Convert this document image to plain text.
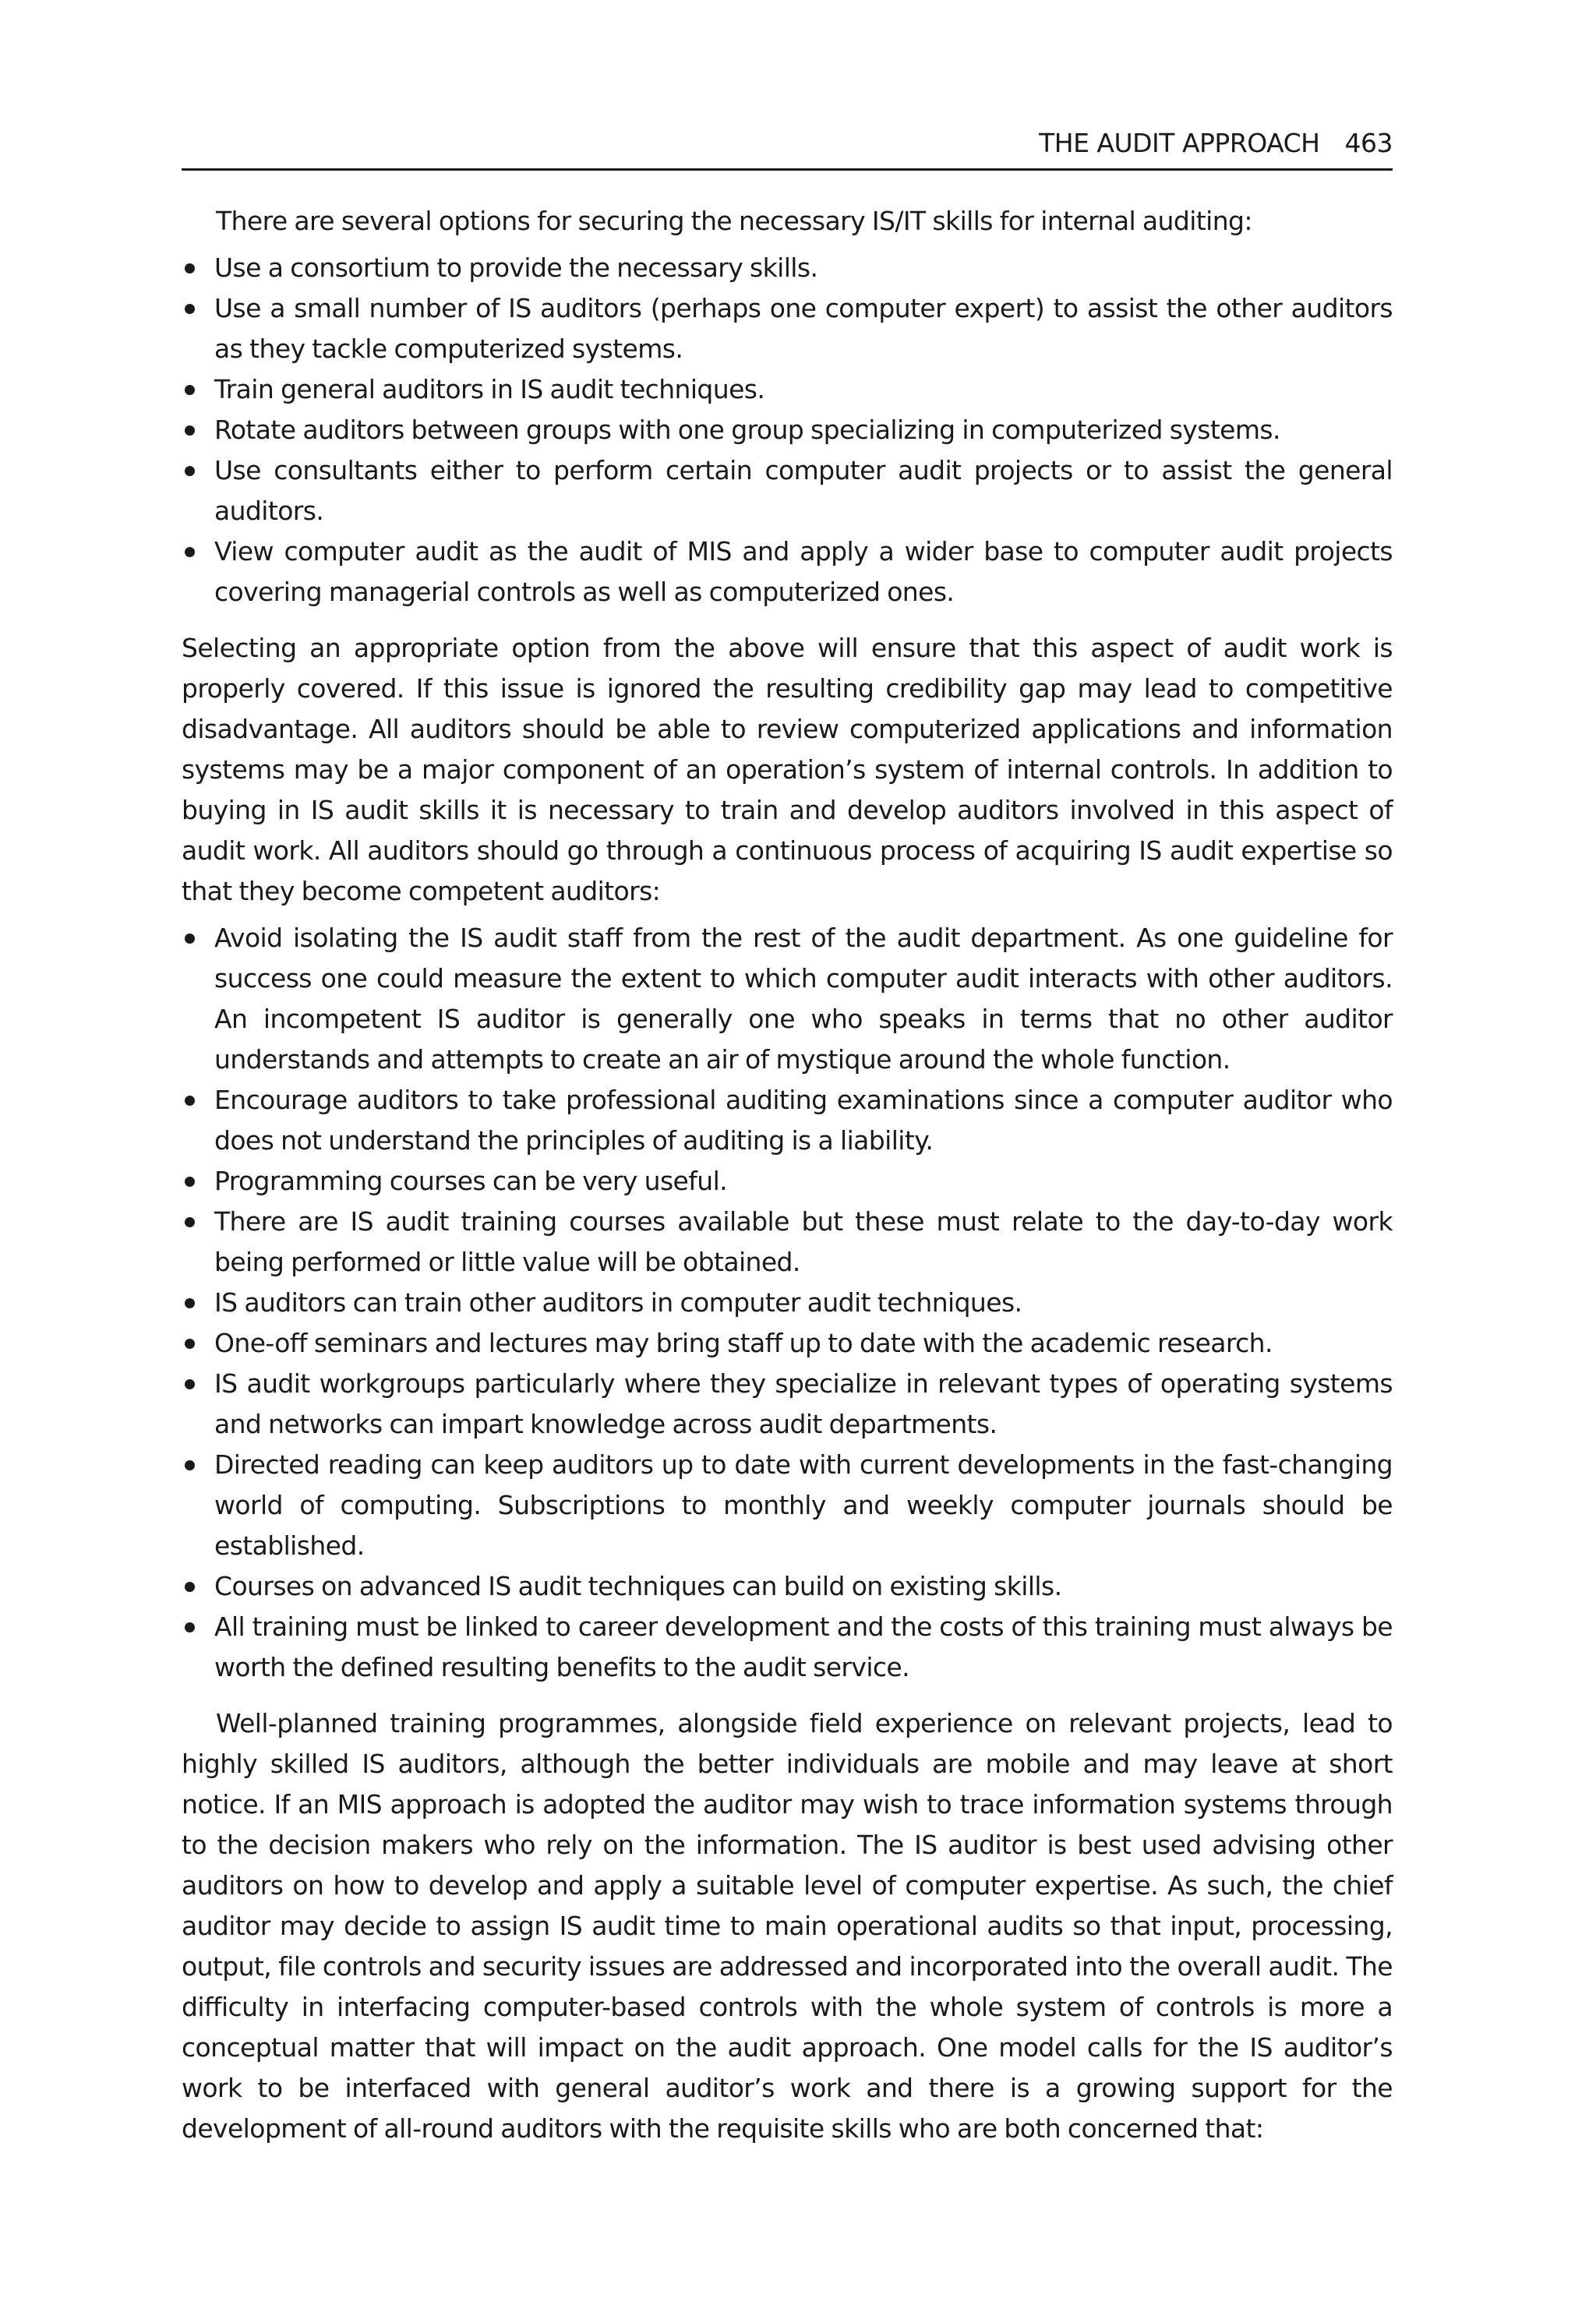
THE AUDIT APPROACH 463

There are several options for securing the necessary IS/IT skills for internal auditing:

Use a consortium to provide the necessary skills.
Use a small number of IS auditors (perhaps one computer expert) to assist the other auditors as they tackle computerized systems.
Train general auditors in IS audit techniques.
Rotate auditors between groups with one group specializing in computerized systems.
Use consultants either to perform certain computer audit projects or to assist the general auditors.
View computer audit as the audit of MIS and apply a wider base to computer audit projects covering managerial controls as well as computerized ones.

Selecting an appropriate option from the above will ensure that this aspect of audit work is properly covered. If this issue is ignored the resulting credibility gap may lead to competitive disadvantage. All auditors should be able to review computerized applications and information systems may be a major component of an operation’s system of internal controls. In addition to buying in IS audit skills it is necessary to train and develop auditors involved in this aspect of audit work. All auditors should go through a continuous process of acquiring IS audit expertise so that they become competent auditors:

Avoid isolating the IS audit staff from the rest of the audit department. As one guideline for success one could measure the extent to which computer audit interacts with other auditors. An incompetent IS auditor is generally one who speaks in terms that no other auditor understands and attempts to create an air of mystique around the whole function.
Encourage auditors to take professional auditing examinations since a computer auditor who does not understand the principles of auditing is a liability.
Programming courses can be very useful.
There are IS audit training courses available but these must relate to the day-to-day work being performed or little value will be obtained.
IS auditors can train other auditors in computer audit techniques.
One-off seminars and lectures may bring staff up to date with the academic research.
IS audit workgroups particularly where they specialize in relevant types of operating systems and networks can impart knowledge across audit departments.
Directed reading can keep auditors up to date with current developments in the fast-changing world of computing. Subscriptions to monthly and weekly computer journals should be established.
Courses on advanced IS audit techniques can build on existing skills.
All training must be linked to career development and the costs of this training must always be worth the defined resulting benefits to the audit service.

Well-planned training programmes, alongside field experience on relevant projects, lead to highly skilled IS auditors, although the better individuals are mobile and may leave at short notice. If an MIS approach is adopted the auditor may wish to trace information systems through to the decision makers who rely on the information. The IS auditor is best used advising other auditors on how to develop and apply a suitable level of computer expertise. As such, the chief auditor may decide to assign IS audit time to main operational audits so that input, processing, output, file controls and security issues are addressed and incorporated into the overall audit. The difficulty in interfacing computer-based controls with the whole system of controls is more a conceptual matter that will impact on the audit approach. One model calls for the IS auditor’s work to be interfaced with general auditor’s work and there is a growing support for the development of all-round auditors with the requisite skills who are both concerned that:
